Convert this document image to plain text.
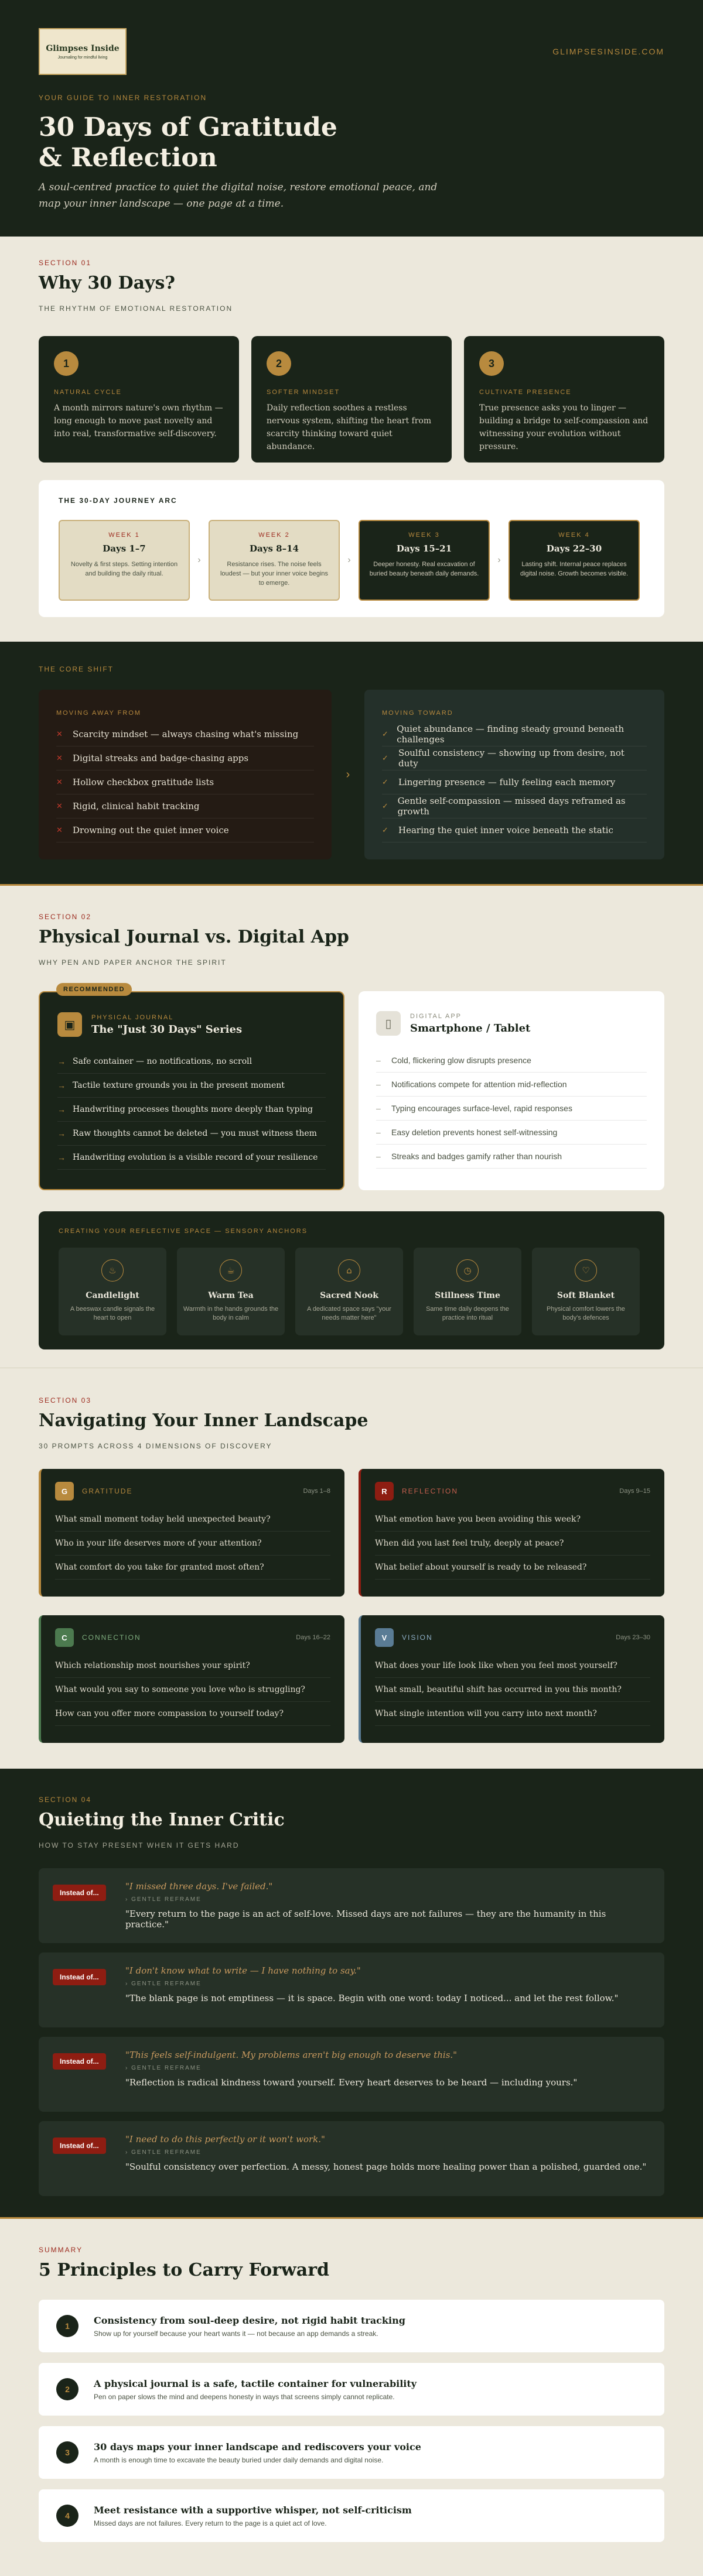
Glimpses Inside
Journaling for mindful living
GLIMPSESINSIDE.COM
YOUR GUIDE TO INNER RESTORATION
30 Days of Gratitude
& Reflection
A soul-centred practice to quiet the digital noise, restore emotional peace, and map your inner landscape — one page at a time.
SECTION 01
Why 30 Days?
THE RHYTHM OF EMOTIONAL RESTORATION
1
NATURAL CYCLE
A month mirrors nature's own rhythm — long enough to move past novelty and into real, transformative self-discovery.
2
SOFTER MINDSET
Daily reflection soothes a restless nervous system, shifting the heart from scarcity thinking toward quiet abundance.
3
CULTIVATE PRESENCE
True presence asks you to linger — building a bridge to self-compassion and witnessing your evolution without pressure.
THE 30-DAY JOURNEY ARC
WEEK 1
Days 1–7
Novelty & first steps. Setting intention and building the daily ritual.
›
WEEK 2
Days 8–14
Resistance rises. The noise feels loudest — but your inner voice begins to emerge.
›
WEEK 3
Days 15–21
Deeper honesty. Real excavation of buried beauty beneath daily demands.
›
WEEK 4
Days 22–30
Lasting shift. Internal peace replaces digital noise. Growth becomes visible.
THE CORE SHIFT
MOVING AWAY FROM
✕	Scarcity mindset — always chasing what's missing
✕	Digital streaks and badge-chasing apps
✕	Hollow checkbox gratitude lists
✕	Rigid, clinical habit tracking
✕	Drowning out the quiet inner voice
›
MOVING TOWARD
✓ Quiet abundance — finding steady ground beneath challenges
✓	Soulful consistency — showing up from desire, not duty
✓	Lingering presence — fully feeling each memory
✓	Gentle self-compassion — missed days reframed as growth
✓	Hearing the quiet inner voice beneath the static
SECTION 02
Physical Journal vs. Digital App
WHY PEN AND PAPER ANCHOR THE SPIRIT
RECOMMENDED
▣
PHYSICAL JOURNAL
The "Just 30 Days" Series
→ Safe container — no notifications, no scroll
→ Tactile texture grounds you in the present moment
→ Handwriting processes thoughts more deeply than typing
→ Raw thoughts cannot be deleted — you must witness them
→ Handwriting evolution is a visible record of your resilience
▯
DIGITAL APP
Smartphone / Tablet
–	Cold, flickering glow disrupts presence
–	Notifications compete for attention mid-reflection
–	Typing encourages surface-level, rapid responses
–	Easy deletion prevents honest self-witnessing
–	Streaks and badges gamify rather than nourish
CREATING YOUR REFLECTIVE SPACE — SENSORY ANCHORS
♨
Candlelight
A beeswax candle signals the heart to open
☕
Warm Tea
Warmth in the hands grounds the body in calm
⌂
Sacred Nook
A dedicated space says "your needs matter here"
◷
Stillness Time
Same time daily deepens the practice into ritual
♡
Soft Blanket
Physical comfort lowers the body's defences
SECTION 03
Navigating Your Inner Landscape
30 PROMPTS ACROSS 4 DIMENSIONS OF DISCOVERY
G	GRATITUDE	Days 1–8
What small moment today held unexpected beauty?
Who in your life deserves more of your attention?
What comfort do you take for granted most often?
R	REFLECTION	Days 9–15
What emotion have you been avoiding this week?
When did you last feel truly, deeply at peace?
What belief about yourself is ready to be released?
C	CONNECTION	Days 16–22
Which relationship most nourishes your spirit?
What would you say to someone you love who is struggling?
How can you offer more compassion to yourself today?
V	VISION	Days 23–30
What does your life look like when you feel most yourself?
What small, beautiful shift has occurred in you this month?
What single intention will you carry into next month?
SECTION 04
Quieting the Inner Critic
HOW TO STAY PRESENT WHEN IT GETS HARD
Instead of...
"I missed three days. I've failed."
› GENTLE REFRAME
"Every return to the page is an act of self-love. Missed days are not failures — they are the humanity in this practice."
Instead of...
"I don't know what to write — I have nothing to say."
› GENTLE REFRAME
"The blank page is not emptiness — it is space. Begin with one word: today I noticed... and let the rest follow."
Instead of...
"This feels self-indulgent. My problems aren't big enough to deserve this."
› GENTLE REFRAME
"Reflection is radical kindness toward yourself. Every heart deserves to be heard — including yours."
Instead of...
"I need to do this perfectly or it won't work."
› GENTLE REFRAME
"Soulful consistency over perfection. A messy, honest page holds more healing power than a polished, guarded one."
SUMMARY
5 Principles to Carry Forward
1
Consistency from soul-deep desire, not rigid habit tracking
Show up for yourself because your heart wants it — not because an app demands a streak.
2
A physical journal is a safe, tactile container for vulnerability
Pen on paper slows the mind and deepens honesty in ways that screens simply cannot replicate.
3
30 days maps your inner landscape and rediscovers your voice
A month is enough time to excavate the beauty buried under daily demands and digital noise.
4
Meet resistance with a supportive whisper, not self-criticism
Missed days are not failures. Every return to the page is a quiet act of love.
